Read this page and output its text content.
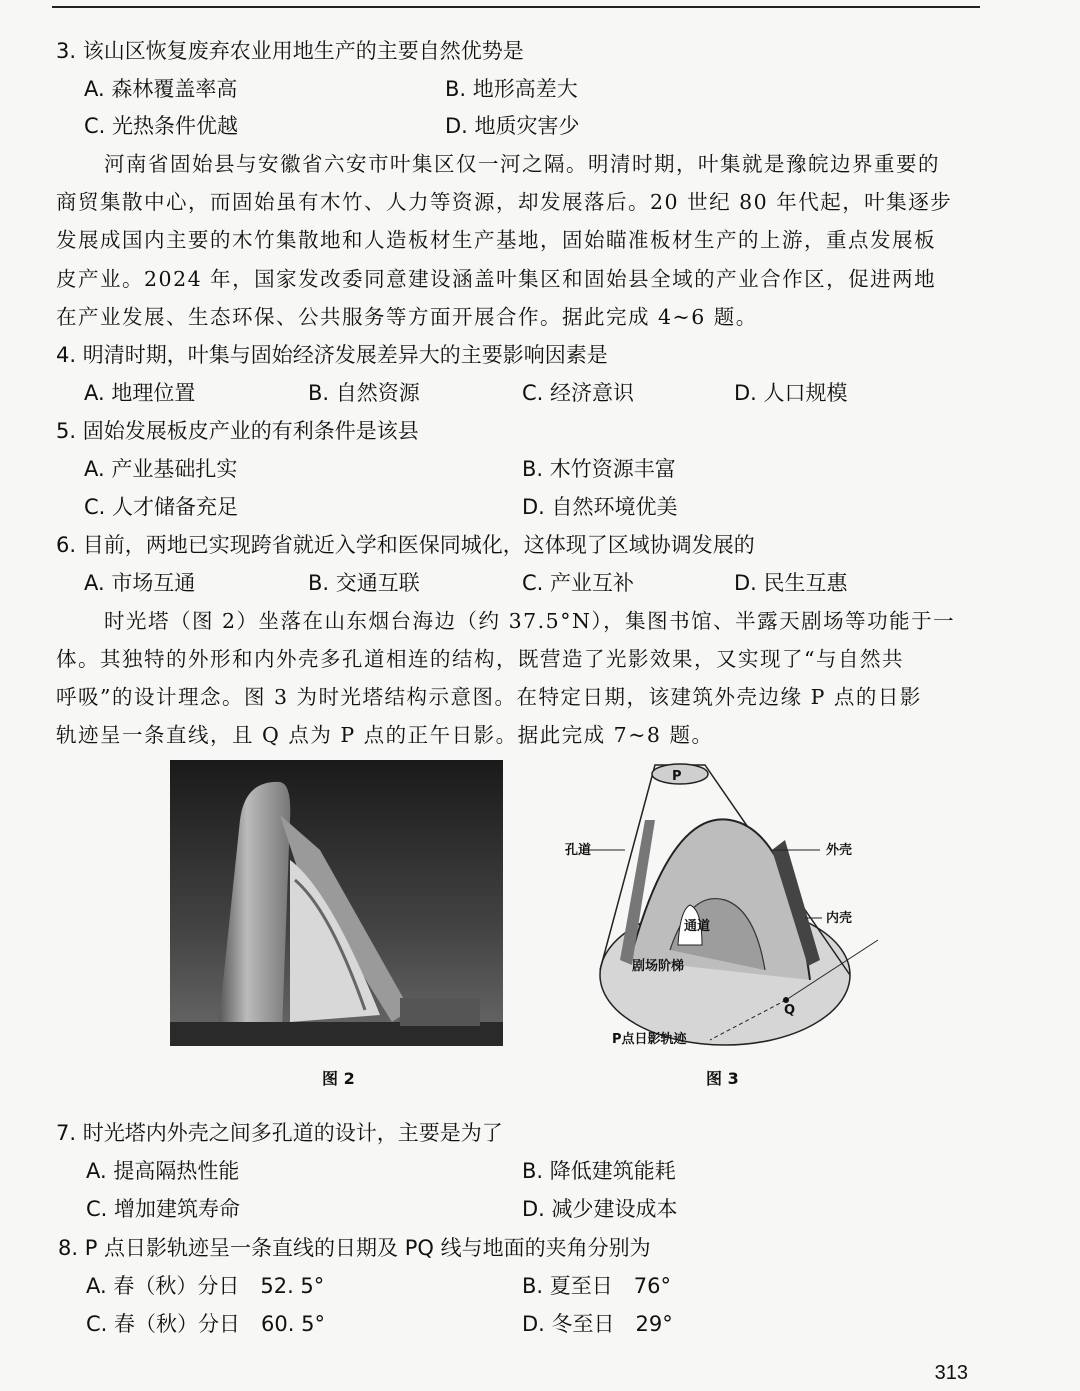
3. 该山区恢复废弃农业用地生产的主要自然优势是
A. 森林覆盖率高	B. 地形高差大
C. 光热条件优越	D. 地质灾害少
河南省固始县与安徽省六安市叶集区仅一河之隔。明清时期，叶集就是豫皖边界重要的
商贸集散中心，而固始虽有木竹、人力等资源，却发展落后。20 世纪 80 年代起，叶集逐步
发展成国内主要的木竹集散地和人造板材生产基地，固始瞄准板材生产的上游，重点发展板
皮产业。2024 年，国家发改委同意建设涵盖叶集区和固始县全域的产业合作区，促进两地
在产业发展、生态环保、公共服务等方面开展合作。据此完成 4~6 题。
4. 明清时期，叶集与固始经济发展差异大的主要影响因素是
A. 地理位置	B. 自然资源	C. 经济意识	D. 人口规模
5. 固始发展板皮产业的有利条件是该县
A. 产业基础扎实	B. 木竹资源丰富
C. 人才储备充足	D. 自然环境优美
6. 目前，两地已实现跨省就近入学和医保同城化，这体现了区域协调发展的
A. 市场互通	B. 交通互联	C. 产业互补	D. 民生互惠
时光塔（图 2）坐落在山东烟台海边（约 37.5°N），集图书馆、半露天剧场等功能于一
体。其独特的外形和内外壳多孔道相连的结构，既营造了光影效果，又实现了“与自然共
呼吸”的设计理念。图 3 为时光塔结构示意图。在特定日期，该建筑外壳边缘 P 点的日影
轨迹呈一条直线，且 Q 点为 P 点的正午日影。据此完成 7~8 题。
P
Q
孔道	外壳
内壳
通道
剧场阶梯
P点日影轨迹
图 2	图 3
7. 时光塔内外壳之间多孔道的设计，主要是为了
A. 提高隔热性能	B. 降低建筑能耗
C. 增加建筑寿命	D. 减少建设成本
8. P 点日影轨迹呈一条直线的日期及 PQ 线与地面的夹角分别为
A. 春（秋）分日　52. 5°	B. 夏至日　76°
C. 春（秋）分日　60. 5°	D. 冬至日　29°
313
